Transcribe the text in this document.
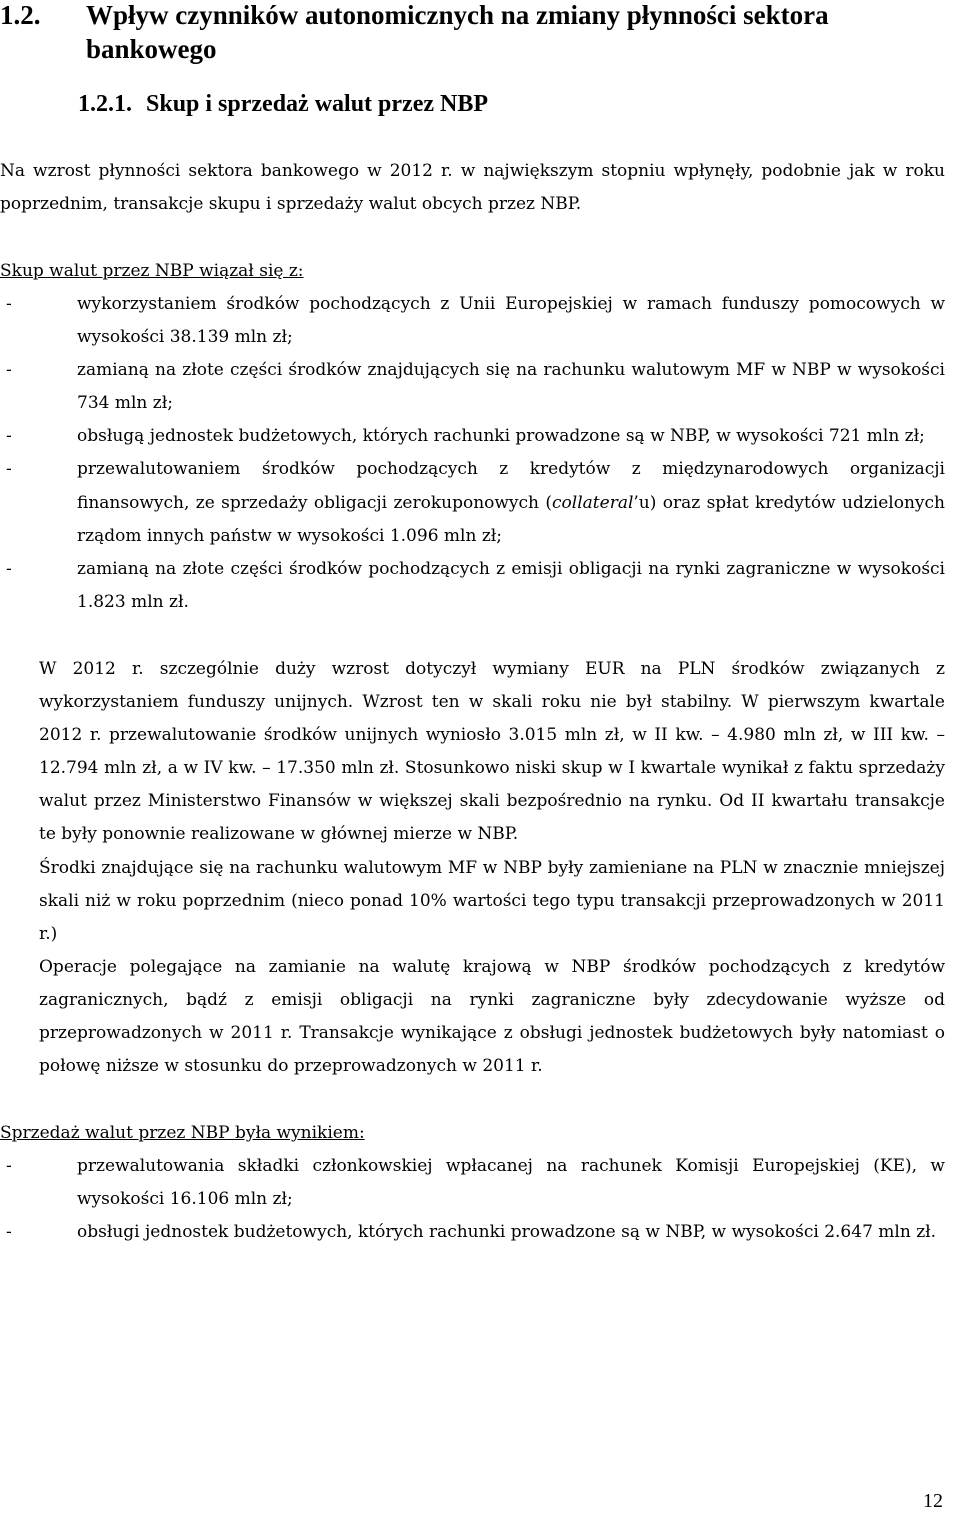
1.2. Wpływ czynników autonomicznych na zmiany płynności sektora bankowego
1.2.1. Skup i sprzedaż walut przez NBP
Na wzrost płynności sektora bankowego w 2012 r. w największym stopniu wpłynęły, podobnie jak w roku poprzednim, transakcje skupu i sprzedaży walut obcych przez NBP.
Skup walut przez NBP wiązał się z:
-	wykorzystaniem środków pochodzących z Unii Europejskiej w ramach funduszy pomocowych w wysokości 38.139 mln zł;
-	zamianą na złote części środków znajdujących się na rachunku walutowym MF w NBP w wysokości 734 mln zł;
-	obsługą jednostek budżetowych, których rachunki prowadzone są w NBP, w wysokości 721 mln zł;
-	przewalutowaniem środków pochodzących z kredytów z międzynarodowych organizacji finansowych, ze sprzedaży obligacji zerokuponowych (collateral’u) oraz spłat kredytów udzielonych rządom innych państw w wysokości 1.096 mln zł;
-	zamianą na złote części środków pochodzących z emisji obligacji na rynki zagraniczne w wysokości 1.823 mln zł.
W 2012 r. szczególnie duży wzrost dotyczył wymiany EUR na PLN środków związanych z wykorzystaniem funduszy unijnych. Wzrost ten w skali roku nie był stabilny. W pierwszym kwartale 2012 r. przewalutowanie środków unijnych wyniosło 3.015 mln zł, w II kw. – 4.980 mln zł, w III kw. – 12.794 mln zł, a w IV kw. – 17.350 mln zł. Stosunkowo niski skup w I kwartale wynikał z faktu sprzedaży walut przez Ministerstwo Finansów w większej skali bezpośrednio na rynku. Od II kwartału transakcje te były ponownie realizowane w głównej mierze w NBP.
Środki znajdujące się na rachunku walutowym MF w NBP były zamieniane na PLN w znacznie mniejszej skali niż w roku poprzednim (nieco ponad 10% wartości tego typu transakcji przeprowadzonych w 2011 r.)
Operacje polegające na zamianie na walutę krajową w NBP środków pochodzących z kredytów zagranicznych, bądź z emisji obligacji na rynki zagraniczne były zdecydowanie wyższe od przeprowadzonych w 2011 r. Transakcje wynikające z obsługi jednostek budżetowych były natomiast o połowę niższe w stosunku do przeprowadzonych w 2011 r.
Sprzedaż walut przez NBP była wynikiem:
-	przewalutowania składki członkowskiej wpłacanej na rachunek Komisji Europejskiej (KE), w wysokości 16.106 mln zł;
-	obsługi jednostek budżetowych, których rachunki prowadzone są w NBP, w wysokości 2.647 mln zł.
12
